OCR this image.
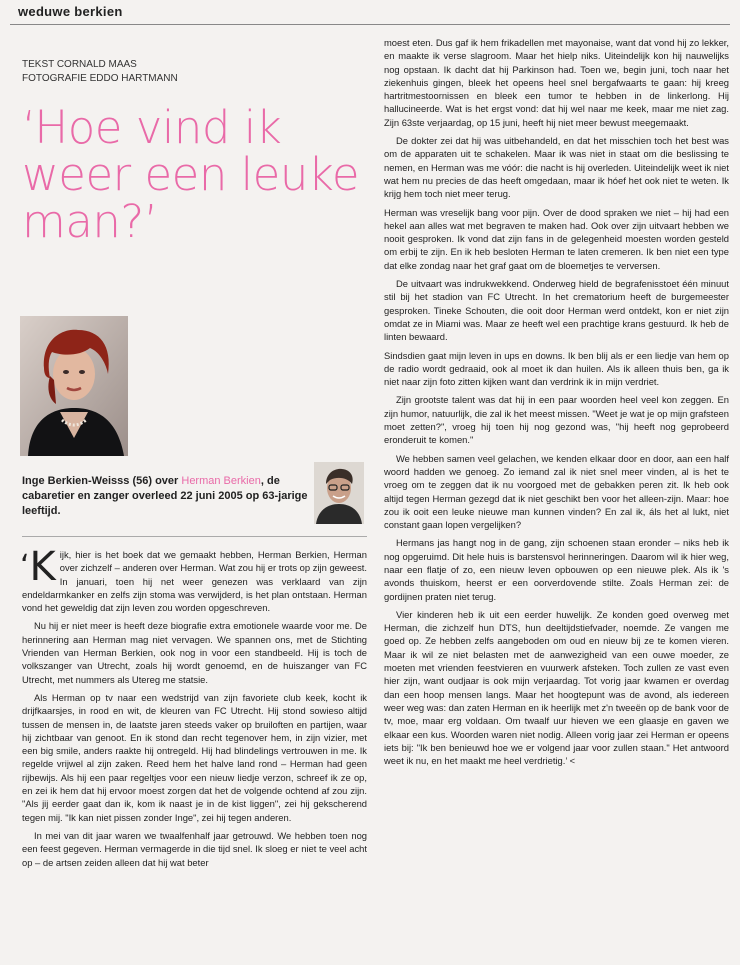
weduwe berkien
TEKST CORNALD MAAS
FOTOGRAFIE EDDO HARTMANN
‘Hoe vind ik weer een leuke man?’
Inge Berkien-Weisss (56) over Herman Berkien, de cabaretier en zanger overleed 22 juni 2005 op 63-jarige leeftijd.

‘K ijk, hier is het boek dat we gemaakt hebben, Herman Berkien, Herman over zichzelf – anderen over Herman. Wat zou hij er trots op zijn geweest. In januari, toen hij net weer genezen was verklaard van zijn endeldarmkanker en zelfs zijn stoma was verwijderd, is het plan ontstaan. Herman vond het geweldig dat zijn leven zou worden opgeschreven.

Nu hij er niet meer is heeft deze biografie extra emotionele waarde voor me. De herinnering aan Herman mag niet vervagen. We spannen ons, met de Stichting Vrienden van Herman Berkien, ook nog in voor een standbeeld. Hij is toch de volkszanger van Utrecht, zoals hij wordt genoemd, en de huiszanger van FC Utrecht, met nummers als Utereg me statsie.

Als Herman op tv naar een wedstrijd van zijn favoriete club keek, kocht ik drijfkaarsjes, in rood en wit, de kleuren van FC Utrecht. Hij stond sowieso altijd tussen de mensen in, de laatste jaren steeds vaker op bruiloften en partijen, waar hij zichtbaar van genoot. En ik stond dan recht tegenover hem, in zijn vizier, met een big smile, anders raakte hij ontregeld. Hij had blindelings vertrouwen in me. Ik regelde vrijwel al zijn zaken. Reed hem het halve land rond – Herman had geen rijbewijs. Als hij een paar regeltjes voor een nieuw liedje verzon, schreef ik ze op, en zei ik hem dat hij ervoor moest zorgen dat het de volgende ochtend af zou zijn. "Als jij eerder gaat dan ik, kom ik naast je in de kist liggen", zei hij gekscherend tegen mij. "Ik kan niet pissen zonder Inge", zei hij tegen anderen.

In mei van dit jaar waren we twaalfenhalf jaar getrouwd. We hebben toen nog een feest gegeven. Herman vermagerde in die tijd snel. Ik sloeg er niet te veel acht op – de artsen zeiden alleen dat hij wat beter

moest eten. Dus gaf ik hem frikadellen met mayonaise, want dat vond hij zo lekker, en maakte ik verse slagroom. Maar het hielp niks. Uiteindelijk kon hij nauwelijks nog opstaan. Ik dacht dat hij Parkinson had. Toen we, begin juni, toch naar het ziekenhuis gingen, bleek het opeens heel snel bergafwaarts te gaan: hij kreeg hartritmestoornissen en bleek een tumor te hebben in de linkerlong. Hij hallucineerde. Wat is het ergst vond: dat hij wel naar me keek, maar me niet zag. Zijn 63ste verjaardag, op 15 juni, heeft hij niet meer bewust meegemaakt.

De dokter zei dat hij was uitbehandeld, en dat het misschien toch het best was om de apparaten uit te schakelen. Maar ik was niet in staat om die beslissing te nemen, en Herman was me vóór: die nacht is hij overleden. Uiteindelijk weet ik niet wat hem nu precies de das heeft omgedaan, maar ik hóef het ook niet te weten. Ik krijg hem toch niet meer terug.

Herman was vreselijk bang voor pijn. Over de dood spraken we niet – hij had een hekel aan alles wat met begraven te maken had. Ook over zijn uitvaart hebben we nooit gesproken. Ik vond dat zijn fans in de gelegenheid moesten worden gesteld om erbij te zijn. En ik heb besloten Herman te laten cremeren. Ik ben niet een type dat elke zondag naar het graf gaat om de bloemetjes te verversen.

De uitvaart was indrukwekkend. Onderweg hield de begrafenisstoet één minuut stil bij het stadion van FC Utrecht. In het crematorium heeft de burgemeester gesproken. Tineke Schouten, die ooit door Herman werd ontdekt, kon er niet zijn omdat ze in Miami was. Maar ze heeft wel een prachtige krans gestuurd. Ik heb de linten bewaard.

Sindsdien gaat mijn leven in ups en downs. Ik ben blij als er een liedje van hem op de radio wordt gedraaid, ook al moet ik dan huilen. Als ik alleen thuis ben, ga ik niet naar zijn foto zitten kijken want dan verdrink ik in mijn verdriet.

Zijn grootste talent was dat hij in een paar woorden heel veel kon zeggen. En zijn humor, natuurlijk, die zal ik het meest missen. "Weet je wat je op mijn grafsteen moet zetten?", vroeg hij toen hij nog gezond was, "hij heeft nog geprobeerd eronderuit te komen."

We hebben samen veel gelachen, we kenden elkaar door en door, aan een half woord hadden we genoeg. Zo iemand zal ik niet snel meer vinden, al is het te vroeg om te zeggen dat ik nu voorgoed met de gebakken peren zit. Ik heb ook altijd tegen Herman gezegd dat ik niet geschikt ben voor het alleen-zijn. Maar: hoe zou ik ooit een leuke nieuwe man kunnen vinden? En zal ik, áls het al lukt, niet constant gaan lopen vergelijken?

Hermans jas hangt nog in de gang, zijn schoenen staan eronder – niks heb ik nog opgeruimd. Dit hele huis is barstensvol herinneringen. Daarom wil ik hier weg, naar een flatje of zo, een nieuw leven opbouwen op een nieuwe plek. Als ik 's avonds thuiskom, heerst er een oorverdovende stilte. Zoals Herman zei: de gordijnen praten niet terug.

Vier kinderen heb ik uit een eerder huwelijk. Ze konden goed overweg met Herman, die zichzelf hun DTS, hun deeltijdstiefvader, noemde. Ze vangen me goed op. Ze hebben zelfs aangeboden om oud en nieuw bij ze te komen vieren. Maar ik wil ze niet belasten met de aanwezigheid van een ouwe moeder, ze moeten met vrienden feestvieren en vuurwerk afsteken. Toch zullen ze vast even hier zijn, want oudjaar is ook mijn verjaardag. Tot vorig jaar kwamen er overdag dan een hoop mensen langs. Maar het hoogtepunt was de avond, als iedereen weer weg was: dan zaten Herman en ik heerlijk met z'n tweeën op de bank voor de tv, moe, maar erg voldaan. Om twaalf uur hieven we een glaasje en gaven we elkaar een kus. Woorden waren niet nodig. Alleen vorig jaar zei Herman er opeens iets bij: "Ik ben benieuwd hoe we er volgend jaar voor zullen staan." Het antwoord weet ik nu, en het maakt me heel verdrietig.’ <
